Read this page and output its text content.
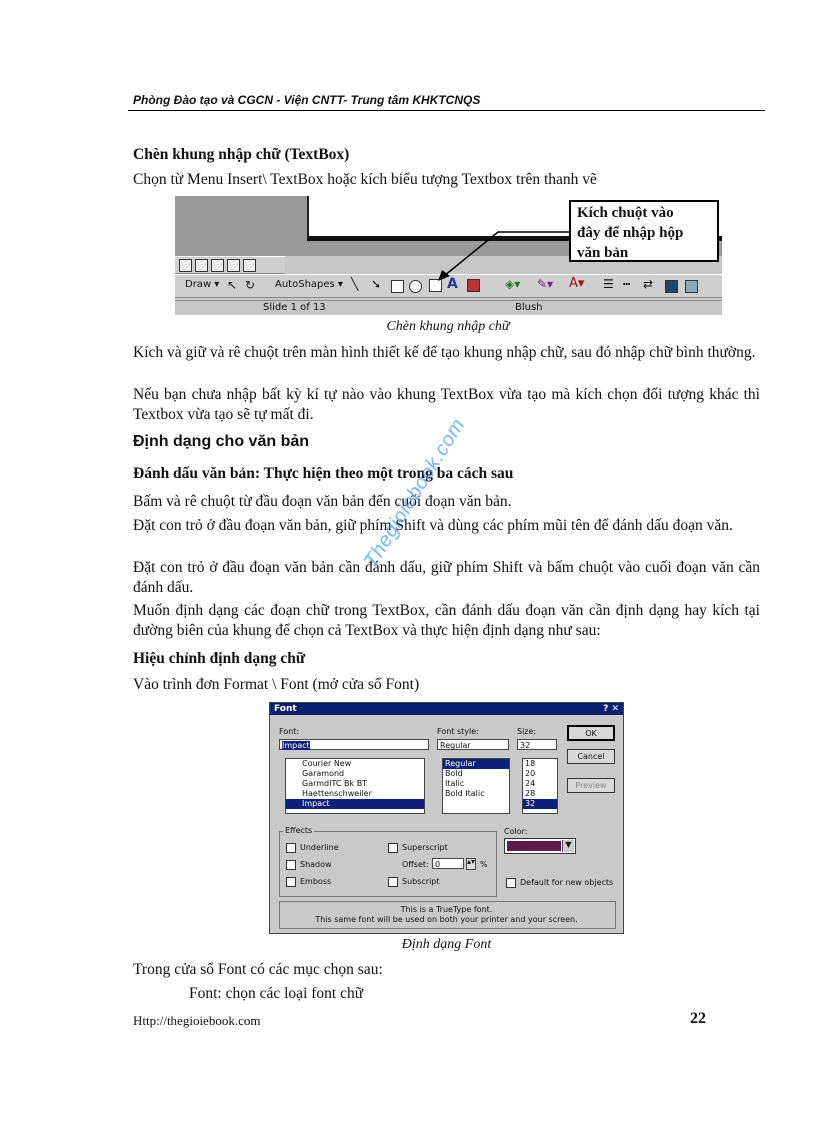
Phòng Đào tạo và CGCN - Viện CNTT- Trung tâm KHKTCNQS
Chèn khung nhập chữ (TextBox)
Chọn từ Menu Insert\ TextBox hoặc kích biểu tượng Textbox trên thanh vẽ
Draw ▾ ↖ ↻ AutoShapes ▾ ╲ ➘	A	◈▾ ✎▾ A▾ ☰ ┅ ⇄
Slide 1 of 13	Blush
Kích chuột vào
đây để nhập hộp
văn bản
Chèn khung nhập chữ
Kích và giữ và rê chuột trên màn hình thiết kế để tạo khung nhập chữ, sau đó nhập chữ bình thường.
Nếu bạn chưa nhập bất kỳ kí tự nào vào khung TextBox vừa tạo mà kích chọn đối tượng khác thì Textbox vừa tạo sẽ tự mất đi.
Định dạng cho văn bản
Đánh dấu văn bản: Thực hiện theo một trong ba cách sau
Bấm và rê chuột từ đầu đoạn văn bản đến cuối đoạn văn bản.
Đặt con trỏ ở đầu đoạn văn bản, giữ phím Shift và dùng các phím mũi tên để đánh dấu đoạn văn.
Đặt con trỏ ở đầu đoạn văn bản cần đánh dấu, giữ phím Shift và bấm chuột vào cuối đoạn văn cần đánh dấu.
Muốn định dạng các đoạn chữ trong TextBox, cần đánh dấu đoạn văn cần định dạng hay kích tại đường biên của khung để chọn cả TextBox và thực hiện định dạng như sau:
Hiệu chỉnh định dạng chữ
Vào trình đơn Format \ Font (mở cửa sổ Font)
Font	? ✕
Font:
Impact
Font style:
Regular
Size:
32
Courier New
Garamond
GarmdITC Bk BT
Haettenschweiler
Impact
Regular
Bold
Italic
Bold Italic
18
20
24
28
32
OK
Cancel
Preview
Effects
Underline
Shadow
Emboss
Superscript
Offset: 0	▴▾ %
Subscript
Color:
▼
Default for new objects
This is a TrueType font.
This same font will be used on both your printer and your screen.
Định dạng Font
Trong cửa sổ Font có các mục chọn sau:
Font: chọn các loại font chữ
Thegioiebook.com
Http://thegioiebook.com	22
